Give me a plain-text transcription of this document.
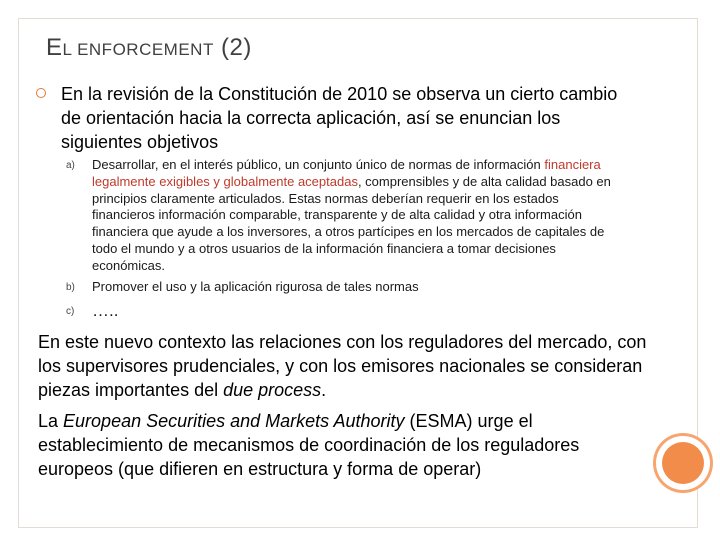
EL ENFORCEMENT (2)
En la revisión de la Constitución de 2010 se observa un cierto cambio de orientación hacia la correcta aplicación, así se enuncian los siguientes objetivos
a)	Desarrollar, en el interés público, un conjunto único de normas de información financiera legalmente exigibles y globalmente aceptadas, comprensibles y de alta calidad basado en principios claramente articulados. Estas normas deberían requerir en los estados financieros información comparable, transparente y de alta calidad y otra información financiera que ayude a los inversores, a otros partícipes en los mercados de capitales de todo el mundo y a otros usuarios de la información financiera a tomar decisiones económicas.
b)	Promover el uso y la aplicación rigurosa de tales normas
c)	…..
En este nuevo contexto las relaciones con los reguladores del mercado, con los supervisores prudenciales, y con los emisores nacionales se consideran piezas importantes del due process.
La European Securities and Markets Authority (ESMA) urge el establecimiento de mecanismos de coordinación de los reguladores europeos (que difieren en estructura y forma de operar)
